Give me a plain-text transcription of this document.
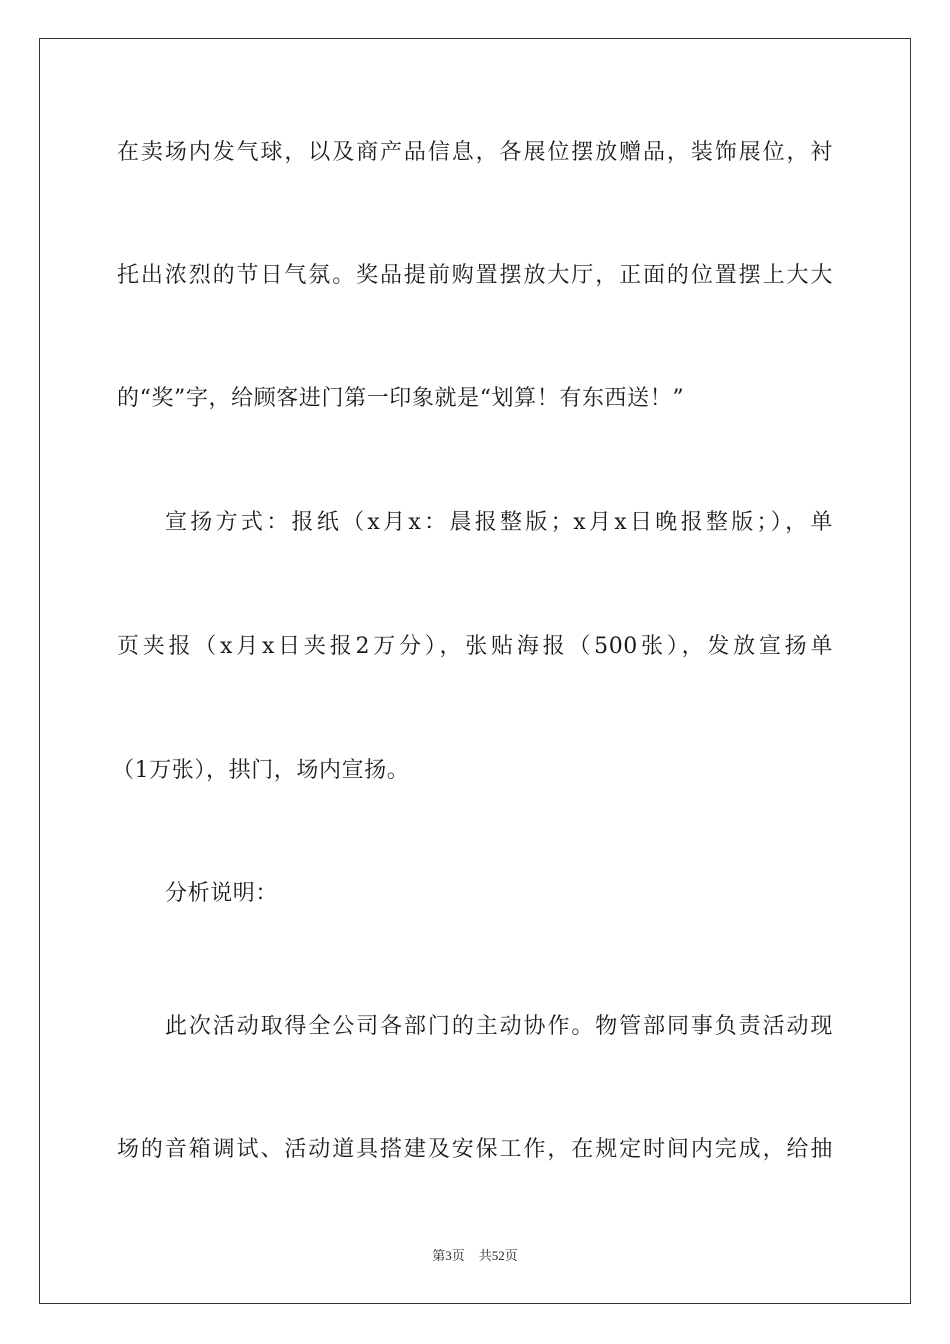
在卖场内发气球，以及商产品信息，各展位摆放赠品，装饰展位，衬
托出浓烈的节日气氛。奖品提前购置摆放大厅，正面的位置摆上大大
的“奖”字，给顾客进门第一印象就是“划算！有东西送！”
宣扬方式：报纸（x月x：晨报整版；x月x日晚报整版；），单
页夹报（x月x日夹报2万分），张贴海报（500张），发放宣扬单
（1万张），拱门，场内宣扬。
分析说明：
此次活动取得全公司各部门的主动协作。物管部同事负责活动现
场的音箱调试、活动道具搭建及安保工作，在规定时间内完成，给抽
第3页 共52页
